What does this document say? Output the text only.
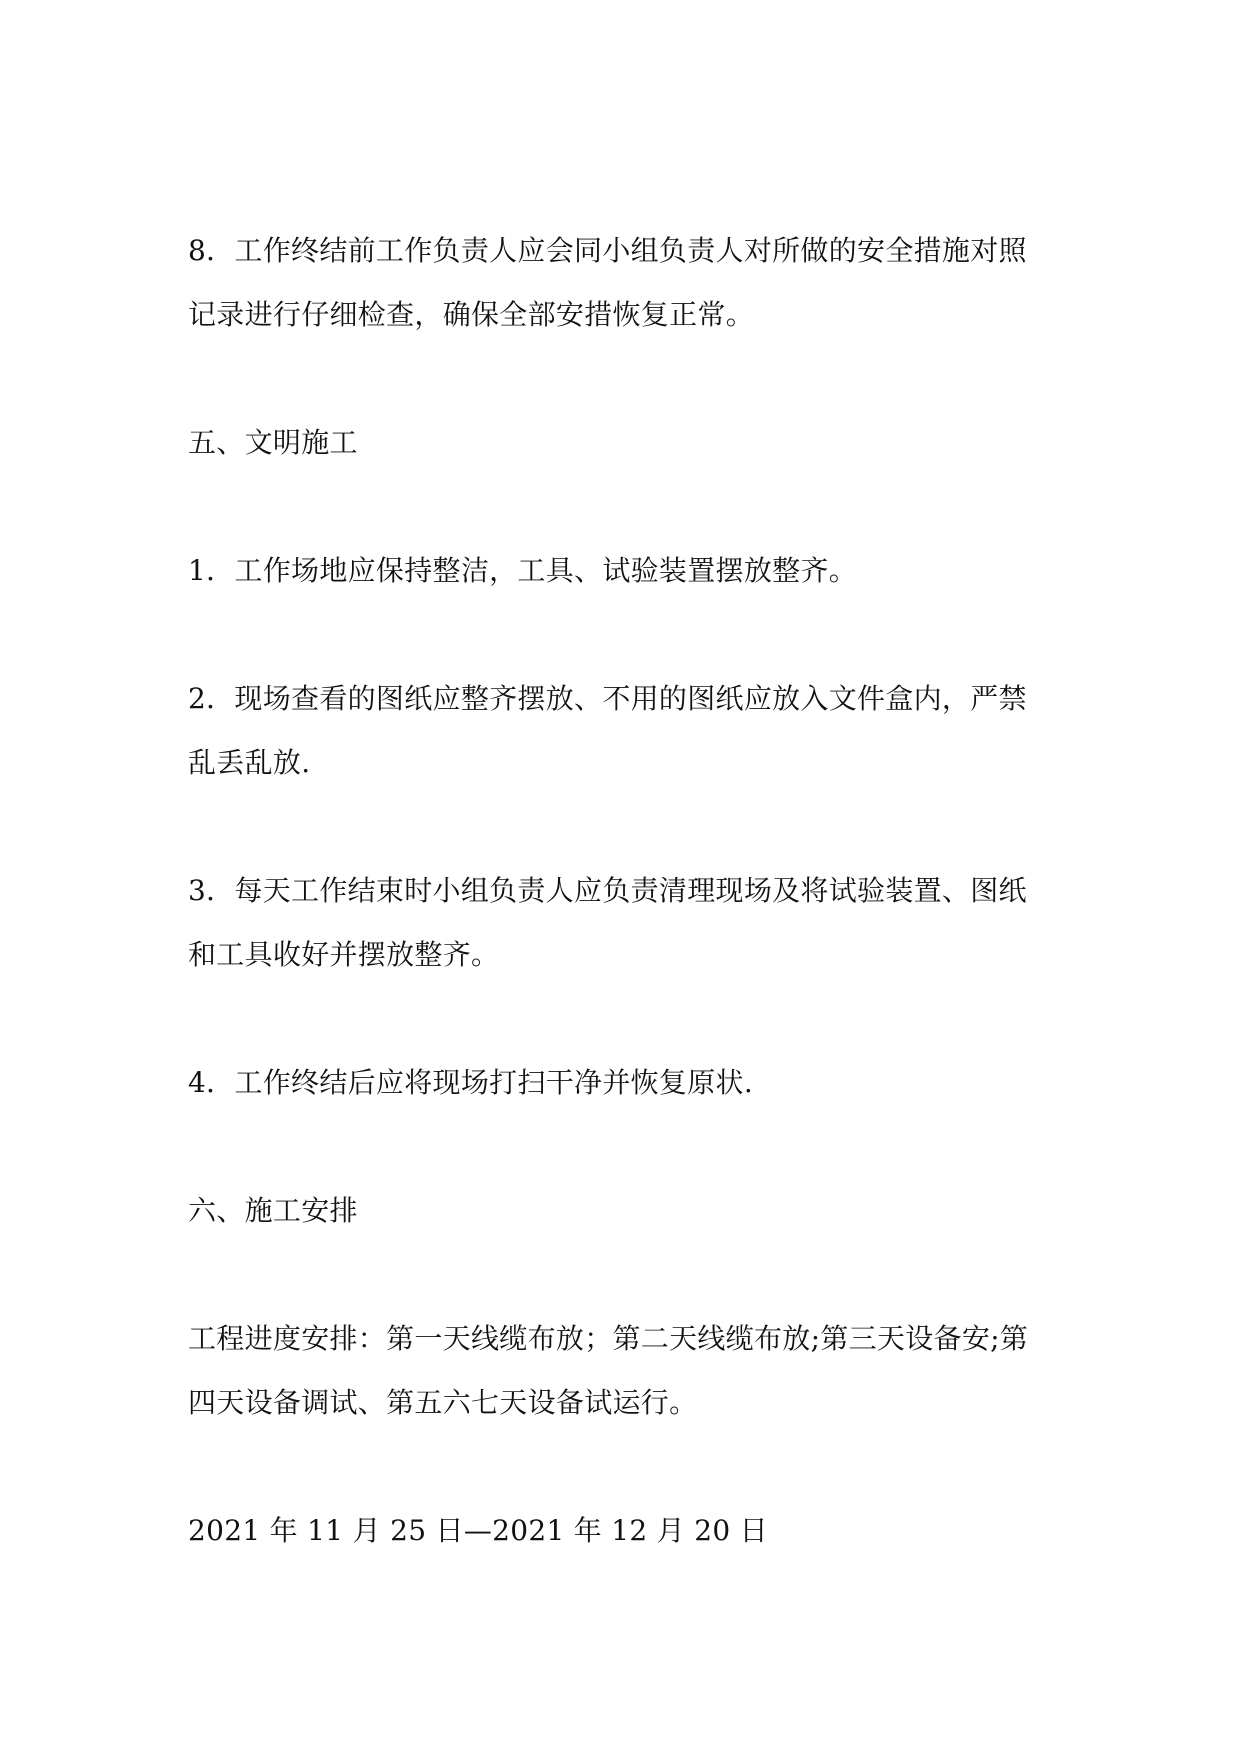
8．工作终结前工作负责人应会同小组负责人对所做的安全措施对照
记录进行仔细检查，确保全部安措恢复正常。
五、文明施工
1．工作场地应保持整洁，工具、试验装置摆放整齐。
2．现场查看的图纸应整齐摆放、不用的图纸应放入文件盒内，严禁
乱丢乱放.
3．每天工作结束时小组负责人应负责清理现场及将试验装置、图纸
和工具收好并摆放整齐。
4．工作终结后应将现场打扫干净并恢复原状.
六、施工安排
工程进度安排：第一天线缆布放；第二天线缆布放;第三天设备安;第
四天设备调试、第五六七天设备试运行。
2021 年 11 月 25 日—2021 年 12 月 20 日
